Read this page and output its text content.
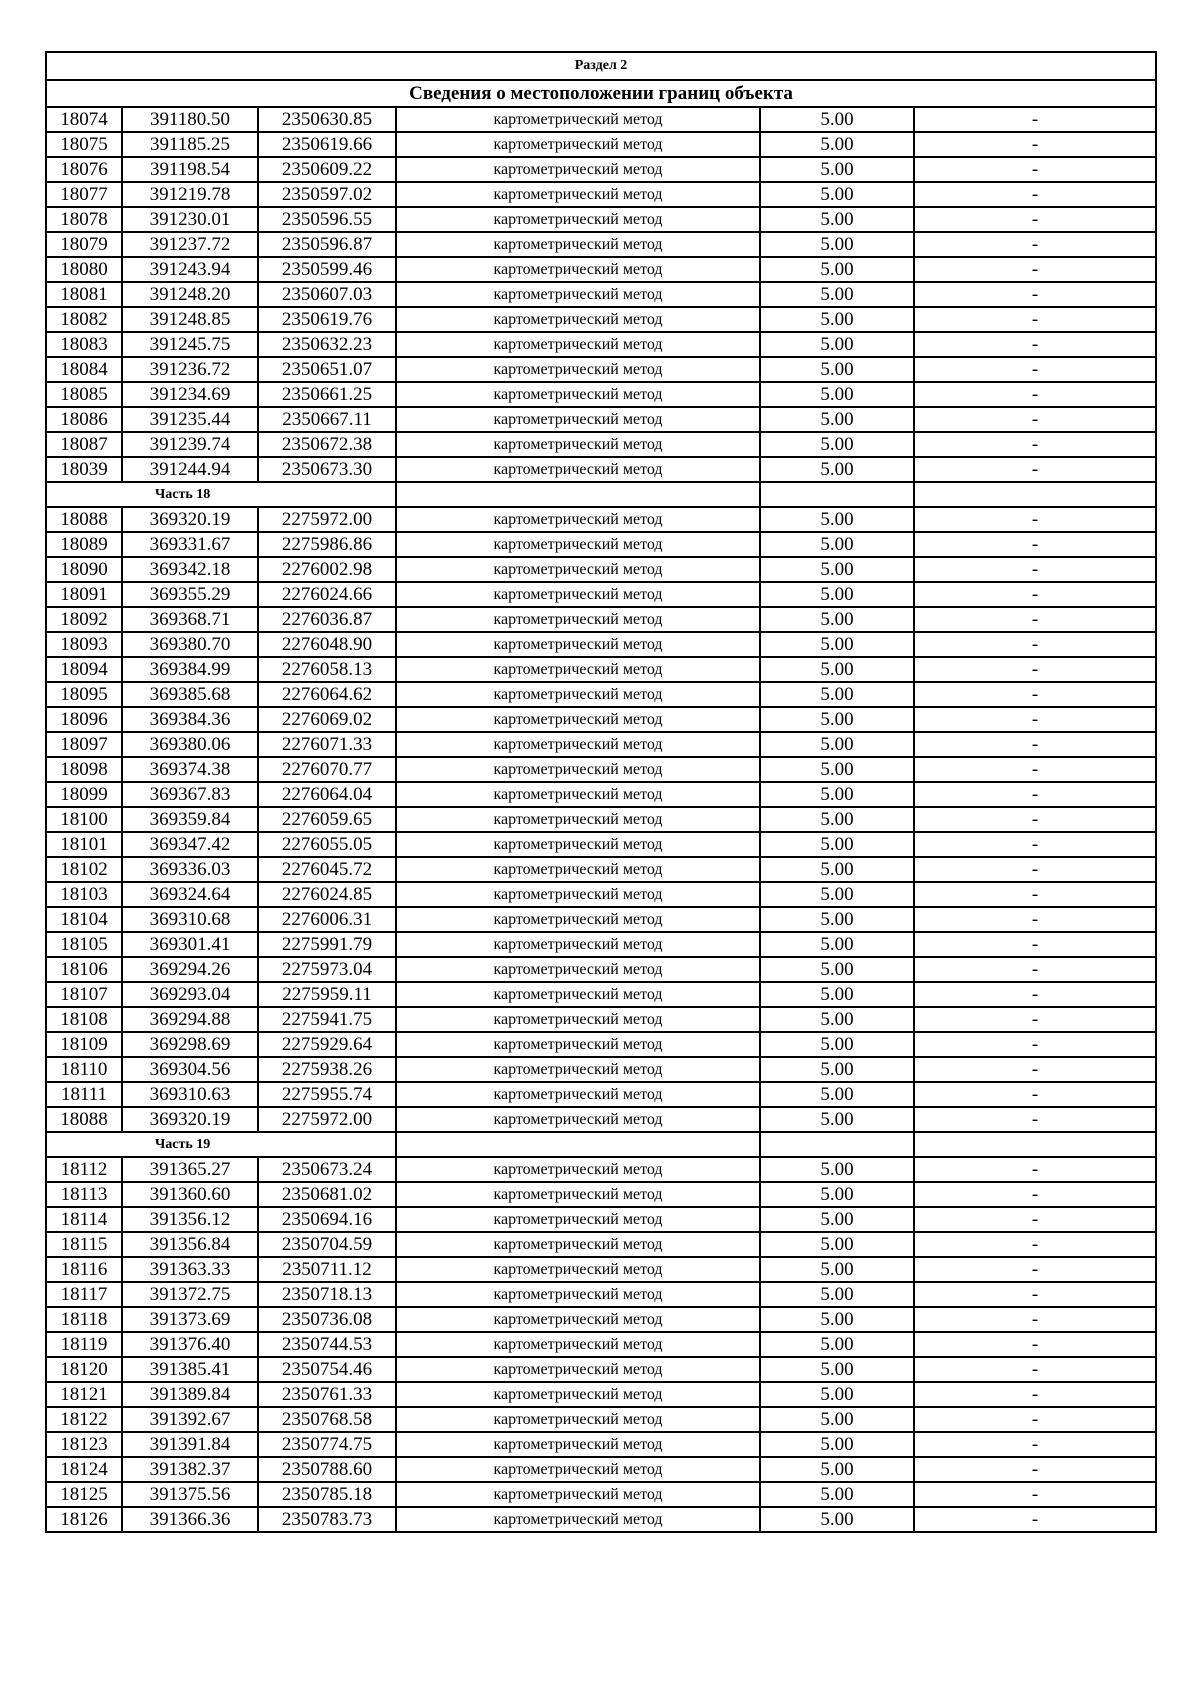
Раздел 2					
Сведения о местоположении границ объекта					
18074	391180.50	2350630.85	картометрический метод	5.00	-
18075	391185.25	2350619.66	картометрический метод	5.00	-
18076	391198.54	2350609.22	картометрический метод	5.00	-
18077	391219.78	2350597.02	картометрический метод	5.00	-
18078	391230.01	2350596.55	картометрический метод	5.00	-
18079	391237.72	2350596.87	картометрический метод	5.00	-
18080	391243.94	2350599.46	картометрический метод	5.00	-
18081	391248.20	2350607.03	картометрический метод	5.00	-
18082	391248.85	2350619.76	картометрический метод	5.00	-
18083	391245.75	2350632.23	картометрический метод	5.00	-
18084	391236.72	2350651.07	картометрический метод	5.00	-
18085	391234.69	2350661.25	картометрический метод	5.00	-
18086	391235.44	2350667.11	картометрический метод	5.00	-
18087	391239.74	2350672.38	картометрический метод	5.00	-
18039	391244.94	2350673.30	картометрический метод	5.00	-
Часть 18					
18088	369320.19	2275972.00	картометрический метод	5.00	-
18089	369331.67	2275986.86	картометрический метод	5.00	-
18090	369342.18	2276002.98	картометрический метод	5.00	-
18091	369355.29	2276024.66	картометрический метод	5.00	-
18092	369368.71	2276036.87	картометрический метод	5.00	-
18093	369380.70	2276048.90	картометрический метод	5.00	-
18094	369384.99	2276058.13	картометрический метод	5.00	-
18095	369385.68	2276064.62	картометрический метод	5.00	-
18096	369384.36	2276069.02	картометрический метод	5.00	-
18097	369380.06	2276071.33	картометрический метод	5.00	-
18098	369374.38	2276070.77	картометрический метод	5.00	-
18099	369367.83	2276064.04	картометрический метод	5.00	-
18100	369359.84	2276059.65	картометрический метод	5.00	-
18101	369347.42	2276055.05	картометрический метод	5.00	-
18102	369336.03	2276045.72	картометрический метод	5.00	-
18103	369324.64	2276024.85	картометрический метод	5.00	-
18104	369310.68	2276006.31	картометрический метод	5.00	-
18105	369301.41	2275991.79	картометрический метод	5.00	-
18106	369294.26	2275973.04	картометрический метод	5.00	-
18107	369293.04	2275959.11	картометрический метод	5.00	-
18108	369294.88	2275941.75	картометрический метод	5.00	-
18109	369298.69	2275929.64	картометрический метод	5.00	-
18110	369304.56	2275938.26	картометрический метод	5.00	-
18111	369310.63	2275955.74	картометрический метод	5.00	-
18088	369320.19	2275972.00	картометрический метод	5.00	-
Часть 19					
18112	391365.27	2350673.24	картометрический метод	5.00	-
18113	391360.60	2350681.02	картометрический метод	5.00	-
18114	391356.12	2350694.16	картометрический метод	5.00	-
18115	391356.84	2350704.59	картометрический метод	5.00	-
18116	391363.33	2350711.12	картометрический метод	5.00	-
18117	391372.75	2350718.13	картометрический метод	5.00	-
18118	391373.69	2350736.08	картометрический метод	5.00	-
18119	391376.40	2350744.53	картометрический метод	5.00	-
18120	391385.41	2350754.46	картометрический метод	5.00	-
18121	391389.84	2350761.33	картометрический метод	5.00	-
18122	391392.67	2350768.58	картометрический метод	5.00	-
18123	391391.84	2350774.75	картометрический метод	5.00	-
18124	391382.37	2350788.60	картометрический метод	5.00	-
18125	391375.56	2350785.18	картометрический метод	5.00	-
18126	391366.36	2350783.73	картометрический метод	5.00	-
